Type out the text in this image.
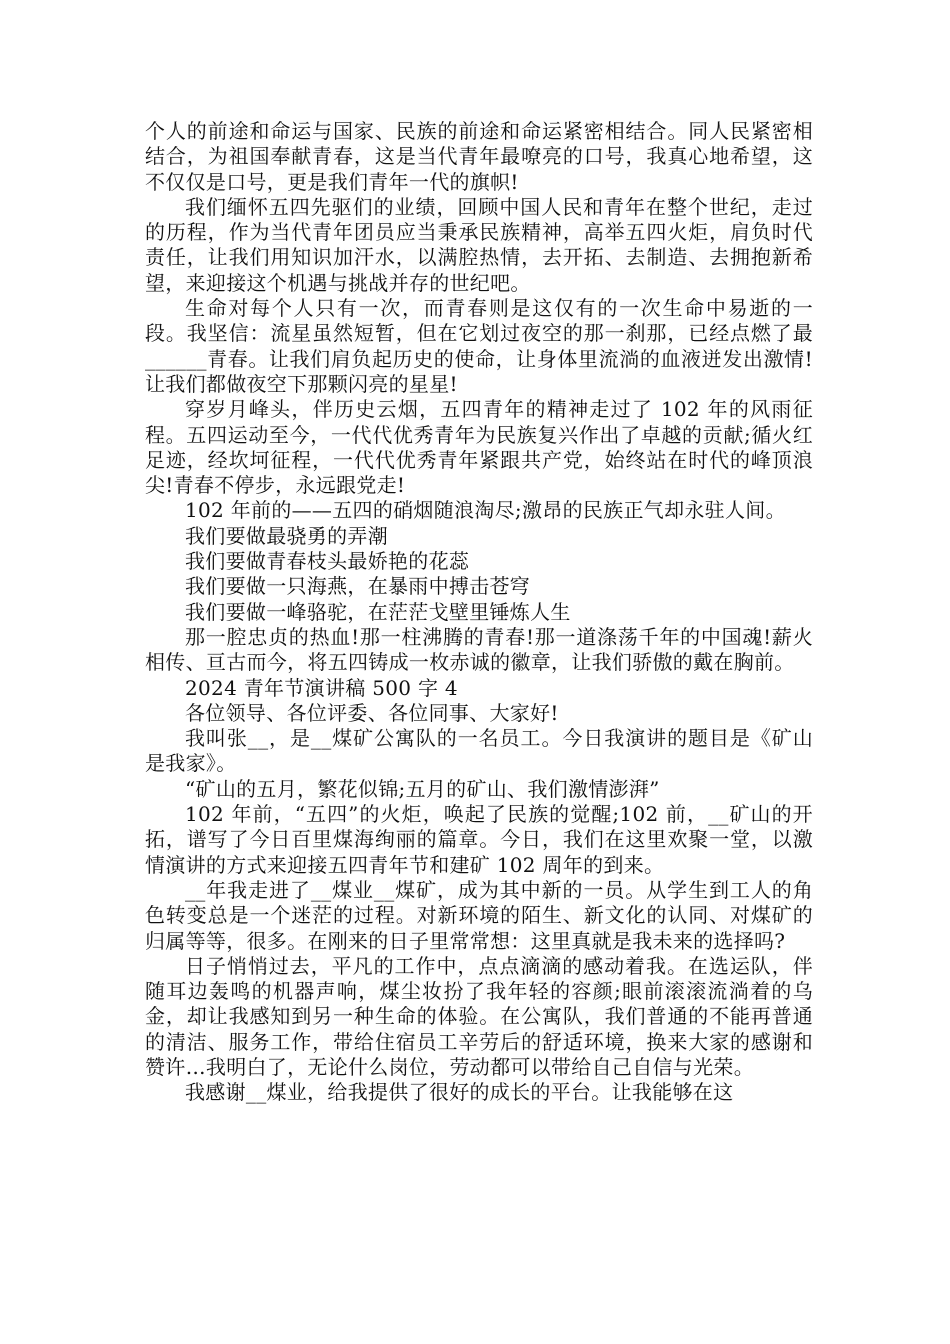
个人的前途和命运与国家、民族的前途和命运紧密相结合。同人民紧密相结合，为祖国奉献青春，这是当代青年最嘹亮的口号，我真心地希望，这不仅仅是口号，更是我们青年一代的旗帜!

我们缅怀五四先驱们的业绩，回顾中国人民和青年在整个世纪，走过的历程，作为当代青年团员应当秉承民族精神，高举五四火炬，肩负时代责任，让我们用知识加汗水，以满腔热情，去开拓、去制造、去拥抱新希望，来迎接这个机遇与挑战并存的世纪吧。

生命对每个人只有一次，而青春则是这仅有的一次生命中易逝的一段。我坚信：流星虽然短暂，但在它划过夜空的那一刹那，已经点燃了最______青春。让我们肩负起历史的使命，让身体里流淌的血液迸发出激情!让我们都做夜空下那颗闪亮的星星!

穿岁月峰头，伴历史云烟，五四青年的精神走过了 102 年的风雨征程。五四运动至今，一代代优秀青年为民族复兴作出了卓越的贡献;循火红足迹，经坎坷征程，一代代优秀青年紧跟共产党，始终站在时代的峰顶浪尖!青春不停步，永远跟党走!

102 年前的——五四的硝烟随浪淘尽;激昂的民族正气却永驻人间。

我们要做最骁勇的弄潮

我们要做青春枝头最娇艳的花蕊

我们要做一只海燕，在暴雨中搏击苍穹

我们要做一峰骆驼，在茫茫戈壁里锤炼人生

那一腔忠贞的热血!那一柱沸腾的青春!那一道涤荡千年的中国魂!薪火相传、亘古而今，将五四铸成一枚赤诚的徽章，让我们骄傲的戴在胸前。

2024 青年节演讲稿 500 字 4

各位领导、各位评委、各位同事、大家好!

我叫张__，是__煤矿公寓队的一名员工。今日我演讲的题目是《矿山是我家》。

“矿山的五月，繁花似锦;五月的矿山、我们激情澎湃”

102 年前，“五四”的火炬，唤起了民族的觉醒;102 前，__矿山的开拓，谱写了今日百里煤海绚丽的篇章。今日，我们在这里欢聚一堂，以激情演讲的方式来迎接五四青年节和建矿 102 周年的到来。

__年我走进了__煤业__煤矿，成为其中新的一员。从学生到工人的角色转变总是一个迷茫的过程。对新环境的陌生、新文化的认同、对煤矿的归属等等，很多。在刚来的日子里常常想：这里真就是我未来的选择吗?

日子悄悄过去，平凡的工作中，点点滴滴的感动着我。在选运队，伴随耳边轰鸣的机器声响，煤尘妆扮了我年轻的容颜;眼前滚滚流淌着的乌金，却让我感知到另一种生命的体验。在公寓队，我们普通的不能再普通的清洁、服务工作，带给住宿员工辛劳后的舒适环境，换来大家的感谢和赞许…我明白了，无论什么岗位，劳动都可以带给自己自信与光荣。

我感谢__煤业，给我提供了很好的成长的平台。让我能够在这
